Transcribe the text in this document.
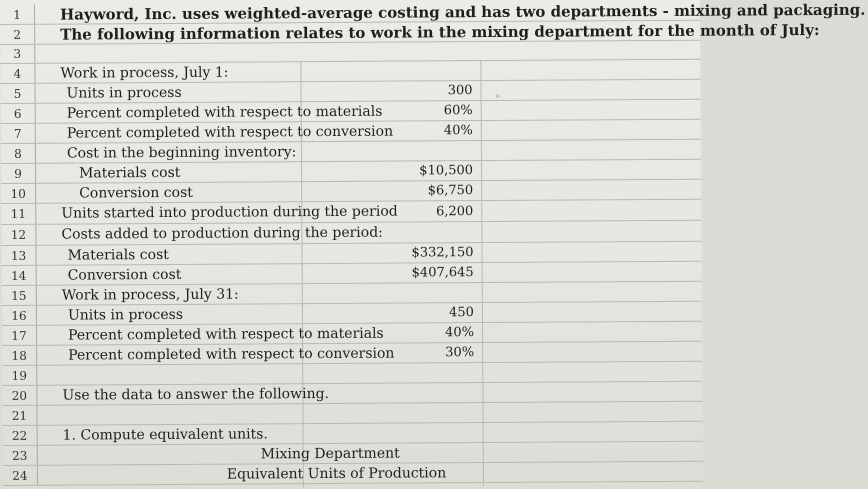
1	Hayword, Inc. uses weighted-average costing and has two departments - mixing and packaging.
2	The following information relates to work in the mixing department for the month of July:
3
4	Work in process, July 1:
5	Units in process	300
6	Percent completed with respect to materials	60%
7	Percent completed with respect to conversion	40%
8	Cost in the beginning inventory:
9	Materials cost	$10,500
10	Conversion cost	$6,750
11	Units started into production during the period	6,200
12	Costs added to production during the period:
13	Materials cost	$332,150
14	Conversion cost	$407,645
15	Work in process, July 31:
16	Units in process	450
17	Percent completed with respect to materials	40%
18	Percent completed with respect to conversion	30%
19
20	Use the data to answer the following.
21
22	1. Compute equivalent units.
23	Mixing Department
24	Equivalent Units of Production
